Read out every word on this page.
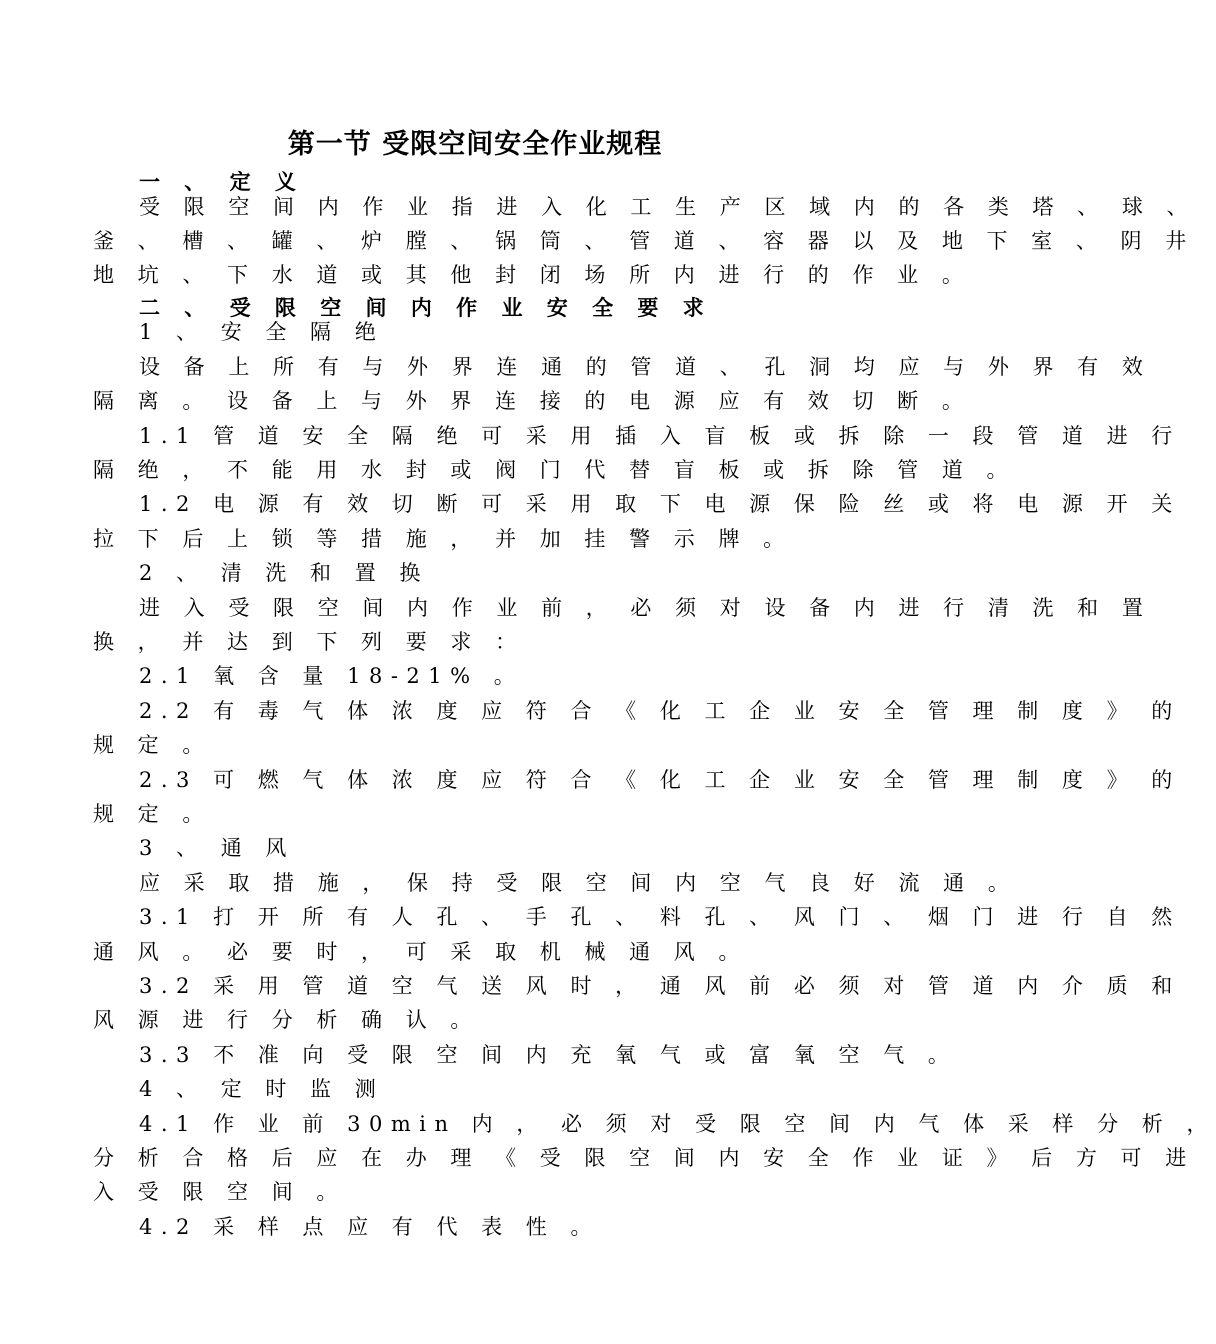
第一节 受限空间安全作业规程
一 、 定 义
受 限 空 间 内 作 业 指 进 入 化 工 生 产 区 域 内 的 各 类 塔 、 球 、
釜 、 槽 、 罐 、 炉 膛 、 锅 筒 、 管 道 、 容 器 以 及 地 下 室 、 阴 井
地 坑 、 下 水 道 或 其 他 封 闭 场 所 内 进 行 的 作 业 。
二 、 受 限 空 间 内 作 业 安 全 要 求
1 、 安 全 隔 绝
设 备 上 所 有 与 外 界 连 通 的 管 道 、 孔 洞 均 应 与 外 界 有 效
隔 离 。 设 备 上 与 外 界 连 接 的 电 源 应 有 效 切 断 。
1.1 管 道 安 全 隔 绝 可 采 用 插 入 盲 板 或 拆 除 一 段 管 道 进 行
隔 绝 ， 不 能 用 水 封 或 阀 门 代 替 盲 板 或 拆 除 管 道 。
1.2 电 源 有 效 切 断 可 采 用 取 下 电 源 保 险 丝 或 将 电 源 开 关
拉 下 后 上 锁 等 措 施 ， 并 加 挂 警 示 牌 。
2 、 清 洗 和 置 换
进 入 受 限 空 间 内 作 业 前 ， 必 须 对 设 备 内 进 行 清 洗 和 置
换 ， 并 达 到 下 列 要 求 ：
2.1 氧 含 量 18-21% 。
2.2 有 毒 气 体 浓 度 应 符 合 《 化 工 企 业 安 全 管 理 制 度 》 的
规 定 。
2.3 可 燃 气 体 浓 度 应 符 合 《 化 工 企 业 安 全 管 理 制 度 》 的
规 定 。
3 、 通 风
应 采 取 措 施 ， 保 持 受 限 空 间 内 空 气 良 好 流 通 。
3.1 打 开 所 有 人 孔 、 手 孔 、 料 孔 、 风 门 、 烟 门 进 行 自 然
通 风 。 必 要 时 ， 可 采 取 机 械 通 风 。
3.2 采 用 管 道 空 气 送 风 时 ， 通 风 前 必 须 对 管 道 内 介 质 和
风 源 进 行 分 析 确 认 。
3.3 不 准 向 受 限 空 间 内 充 氧 气 或 富 氧 空 气 。
4 、 定 时 监 测
4.1 作 业 前 30min 内 ， 必 须 对 受 限 空 间 内 气 体 采 样 分 析 ，
分 析 合 格 后 应 在 办 理 《 受 限 空 间 内 安 全 作 业 证 》 后 方 可 进
入 受 限 空 间 。
4.2 采 样 点 应 有 代 表 性 。
